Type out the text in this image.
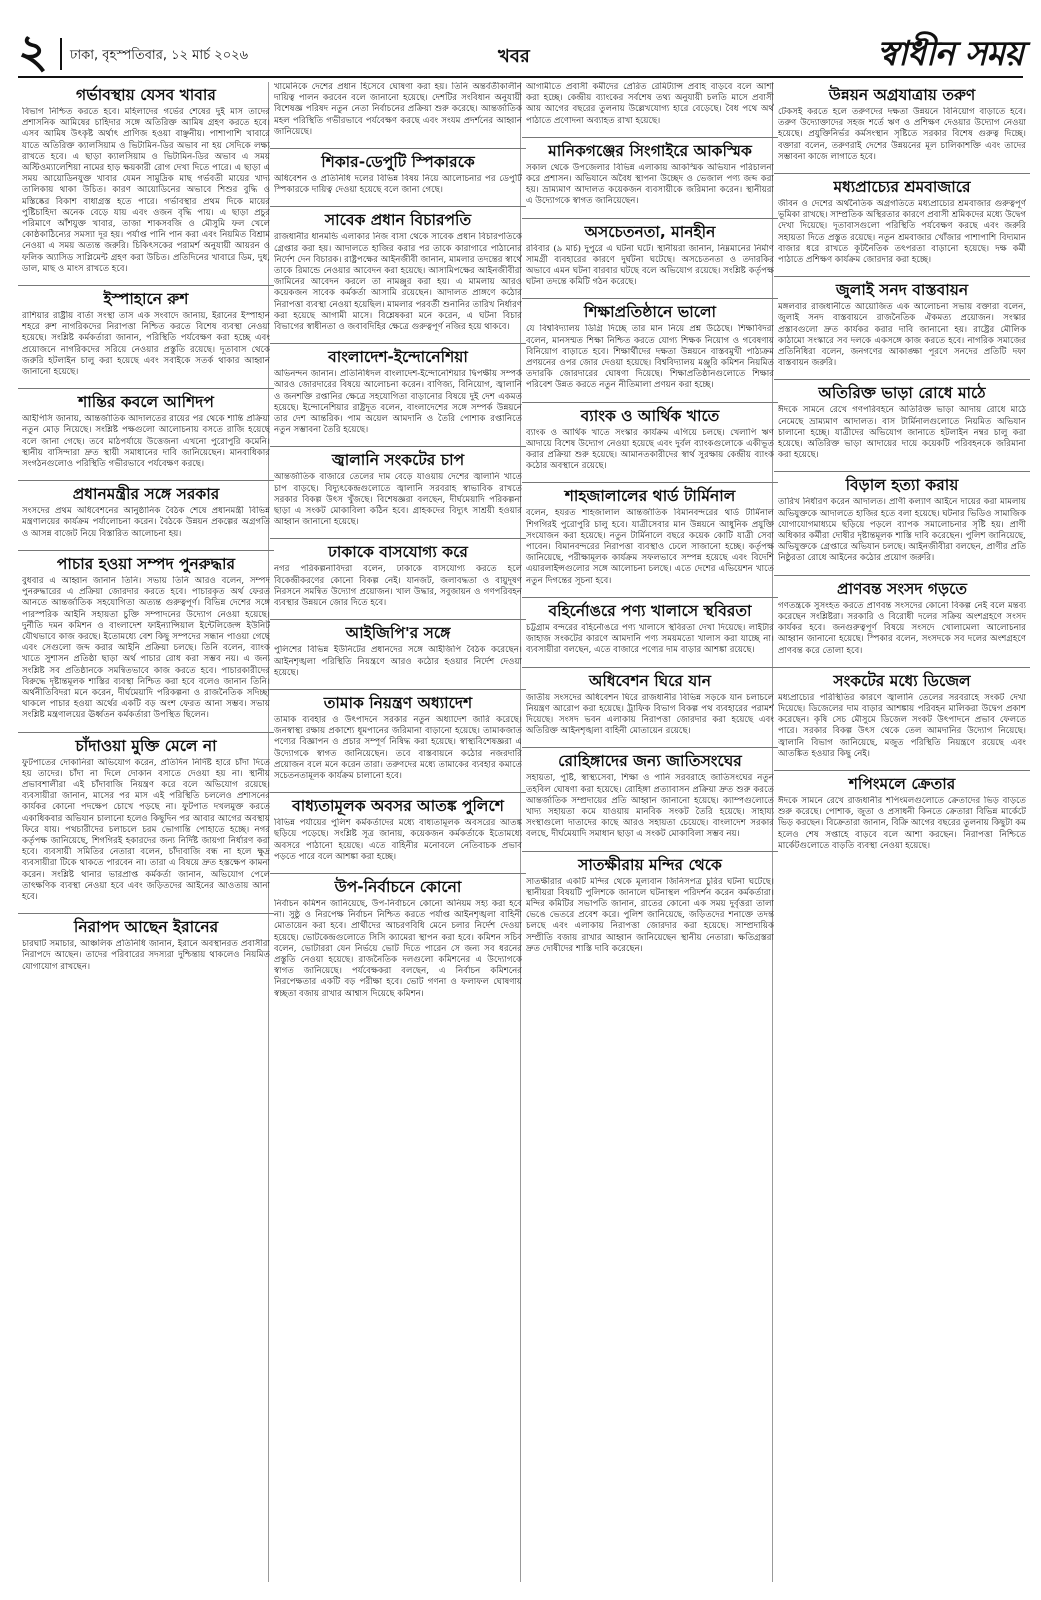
২ ঢাকা, বৃহস্পতিবার, ১২ মার্চ ২০২৬	খবর	স্বাধীন সময়
গর্ভাবস্থায় যেসব খাবার
বিভাগ নিশ্চিত করতে হবে। মহিলাদের গর্ভের শেষের দুই মাস তাদের প্রশাসনিক আমিষের চাহিদার সঙ্গে অতিরিক্ত আমিষ গ্রহণ করতে হবে। এসব আমিষ উৎকৃষ্ট অর্থাৎ প্রাণিজ হওয়া বাঞ্ছনীয়। পাশাপাশি খাবারে যাতে অতিরিক্ত ক্যালসিয়াম ও ভিটামিন-ডির অভাব না হয় সেদিকে লক্ষ্য রাখতে হবে। এ ছাড়া ক্যালসিয়াম ও ভিটামিন-ডির অভাব এ সময় অস্টিওম্যালেশিয়া নামের হাড় ক্ষয়কারী রোগ দেখা দিতে পারে। এ ছাড়া এ সময় আয়োডিনযুক্ত খাবার যেমন সামুদ্রিক মাছ গর্ভবতী মায়ের খাদ্য তালিকায় থাকা উচিত। কারণ আয়োডিনের অভাবে শিশুর বুদ্ধি ও মস্তিষ্কের বিকাশ বাধাগ্রস্ত হতে পারে। গর্ভাবস্থার প্রথম দিকে মায়ের পুষ্টিচাহিদা অনেক বেড়ে যায় এবং ওজন বৃদ্ধি পায়। এ ছাড়া প্রচুর পরিমাণে আঁশযুক্ত খাবার, তাজা শাকসবজি ও মৌসুমি ফল খেলে কোষ্ঠকাঠিন্যের সমস্যা দূর হয়। পর্যাপ্ত পানি পান করা এবং নিয়মিত বিশ্রাম নেওয়া এ সময় অত্যন্ত জরুরি। চিকিৎসকের পরামর্শ অনুযায়ী আয়রন ও ফলিক অ্যাসিড সাপ্লিমেন্ট গ্রহণ করা উচিত। প্রতিদিনের খাবারে ডিম, দুধ, ডাল, মাছ ও মাংস রাখতে হবে।
ইস্পাহানে রুশ
রাশিয়ার রাষ্ট্রীয় বার্তা সংস্থা তাস এক সংবাদে জানায়, ইরানের ইস্পাহান শহরে রুশ নাগরিকদের নিরাপত্তা নিশ্চিত করতে বিশেষ ব্যবস্থা নেওয়া হয়েছে। সংশ্লিষ্ট কর্মকর্তারা জানান, পরিস্থিতি পর্যবেক্ষণ করা হচ্ছে এবং প্রয়োজনে নাগরিকদের সরিয়ে নেওয়ার প্রস্তুতি রয়েছে। দূতাবাস থেকে জরুরি হটলাইন চালু করা হয়েছে এবং সবাইকে সতর্ক থাকার আহ্বান জানানো হয়েছে।
শান্তির কবলে আশিদপ
আইপিসি জানায়, আন্তর্জাতিক আদালতের রায়ের পর থেকে শান্তি প্রক্রিয়া নতুন মোড় নিয়েছে। সংশ্লিষ্ট পক্ষগুলো আলোচনায় বসতে রাজি হয়েছে বলে জানা গেছে। তবে মাঠপর্যায়ে উত্তেজনা এখনো পুরোপুরি কমেনি। স্থানীয় বাসিন্দারা দ্রুত স্থায়ী সমাধানের দাবি জানিয়েছেন। মানবাধিকার সংগঠনগুলোও পরিস্থিতি গভীরভাবে পর্যবেক্ষণ করছে।
প্রধানমন্ত্রীর সঙ্গে সরকার
সংসদের প্রথম অধিবেশনের আনুষ্ঠানিক বৈঠক শেষে প্রধানমন্ত্রী বিভিন্ন মন্ত্রণালয়ের কার্যক্রম পর্যালোচনা করেন। বৈঠকে উন্নয়ন প্রকল্পের অগ্রগতি ও আসন্ন বাজেট নিয়ে বিস্তারিত আলোচনা হয়।
পাচার হওয়া সম্পদ পুনরুদ্ধার
বুধবার এ আহ্বান জানান তিনি। সভায় তিনি আরও বলেন, সম্পদ পুনরুদ্ধারের এ প্রক্রিয়া জোরদার করতে হবে। পাচারকৃত অর্থ ফেরত আনতে আন্তর্জাতিক সহযোগিতা অত্যন্ত গুরুত্বপূর্ণ। বিভিন্ন দেশের সঙ্গে পারস্পরিক আইনি সহায়তা চুক্তি সম্পাদনের উদ্যোগ নেওয়া হয়েছে। দুর্নীতি দমন কমিশন ও বাংলাদেশ ফাইন্যান্সিয়াল ইন্টেলিজেন্স ইউনিট যৌথভাবে কাজ করছে। ইতোমধ্যে বেশ কিছু সম্পদের সন্ধান পাওয়া গেছে এবং সেগুলো জব্দ করার আইনি প্রক্রিয়া চলছে। তিনি বলেন, ব্যাংক খাতে সুশাসন প্রতিষ্ঠা ছাড়া অর্থ পাচার রোধ করা সম্ভব নয়। এ জন্য সংশ্লিষ্ট সব প্রতিষ্ঠানকে সমন্বিতভাবে কাজ করতে হবে। পাচারকারীদের বিরুদ্ধে দৃষ্টান্তমূলক শাস্তির ব্যবস্থা নিশ্চিত করা হবে বলেও জানান তিনি। অর্থনীতিবিদরা মনে করেন, দীর্ঘমেয়াদি পরিকল্পনা ও রাজনৈতিক সদিচ্ছা থাকলে পাচার হওয়া অর্থের একটি বড় অংশ ফেরত আনা সম্ভব। সভায় সংশ্লিষ্ট মন্ত্রণালয়ের ঊর্ধ্বতন কর্মকর্তারা উপস্থিত ছিলেন।
চাঁদাওয়া মুক্তি মেলে না
ফুটপাতের দোকানিরা অভিযোগ করেন, প্রতিদিন নির্দিষ্ট হারে চাঁদা দিতে হয় তাদের। চাঁদা না দিলে দোকান বসাতে দেওয়া হয় না। স্থানীয় প্রভাবশালীরা এই চাঁদাবাজি নিয়ন্ত্রণ করে বলে অভিযোগ রয়েছে। ব্যবসায়ীরা জানান, মাসের পর মাস এই পরিস্থিতি চললেও প্রশাসনের কার্যকর কোনো পদক্ষেপ চোখে পড়ছে না। ফুটপাত দখলমুক্ত করতে একাধিকবার অভিযান চালানো হলেও কিছুদিন পর আবার আগের অবস্থায় ফিরে যায়। পথচারীদের চলাচলে চরম ভোগান্তি পোহাতে হচ্ছে। নগর কর্তৃপক্ষ জানিয়েছে, শিগগিরই হকারদের জন্য নির্দিষ্ট জায়গা নির্ধারণ করা হবে। ব্যবসায়ী সমিতির নেতারা বলেন, চাঁদাবাজি বন্ধ না হলে ক্ষুদ্র ব্যবসায়ীরা টিকে থাকতে পারবেন না। তারা এ বিষয়ে দ্রুত হস্তক্ষেপ কামনা করেন। সংশ্লিষ্ট থানার ভারপ্রাপ্ত কর্মকর্তা জানান, অভিযোগ পেলে তাৎক্ষণিক ব্যবস্থা নেওয়া হবে এবং জড়িতদের আইনের আওতায় আনা হবে।
নিরাপদ আছেন ইরানের
চারঘাট সমাচার, আঞ্চলিক প্রতিনিধি জানান, ইরানে অবস্থানরত প্রবাসীরা নিরাপদে আছেন। তাদের পরিবারের সদস্যরা দুশ্চিন্তায় থাকলেও নিয়মিত যোগাযোগ রাখছেন।
খামেনিকে দেশের প্রধান হিসেবে ঘোষণা করা হয়। তিনি অন্তর্বর্তীকালীন দায়িত্ব পালন করবেন বলে জানানো হয়েছে। দেশটির সংবিধান অনুযায়ী বিশেষজ্ঞ পরিষদ নতুন নেতা নির্বাচনের প্রক্রিয়া শুরু করেছে। আন্তর্জাতিক মহল পরিস্থিতি গভীরভাবে পর্যবেক্ষণ করছে এবং সংযম প্রদর্শনের আহ্বান জানিয়েছে।
শিকার-ডেপুটি স্পিকারকে
অধিবেশন ও প্রতিনিধি দলের বিভিন্ন বিষয় নিয়ে আলোচনার পর ডেপুটি স্পিকারকে দায়িত্ব দেওয়া হয়েছে বলে জানা গেছে।
সাবেক প্রধান বিচারপতি
রাজধানীর ধানমন্ডি এলাকার নিজ বাসা থেকে সাবেক প্রধান বিচারপতিকে গ্রেপ্তার করা হয়। আদালতে হাজির করার পর তাকে কারাগারে পাঠানোর নির্দেশ দেন বিচারক। রাষ্ট্রপক্ষের আইনজীবী জানান, মামলার তদন্তের স্বার্থে তাকে রিমান্ডে নেওয়ার আবেদন করা হয়েছে। আসামিপক্ষের আইনজীবীরা জামিনের আবেদন করলে তা নামঞ্জুর করা হয়। এ মামলায় আরও কয়েকজন সাবেক কর্মকর্তা আসামি রয়েছেন। আদালত প্রাঙ্গণে কঠোর নিরাপত্তা ব্যবস্থা নেওয়া হয়েছিল। মামলার পরবর্তী শুনানির তারিখ নির্ধারণ করা হয়েছে আগামী মাসে। বিশ্লেষকরা মনে করেন, এ ঘটনা বিচার বিভাগের স্বাধীনতা ও জবাবদিহির ক্ষেত্রে গুরুত্বপূর্ণ নজির হয়ে থাকবে।
বাংলাদেশ-ইন্দোনেশিয়া
অভিনন্দন জানান। প্রতিনিধিদল বাংলাদেশ-ইন্দোনেশিয়ার দ্বিপক্ষীয় সম্পর্ক আরও জোরদারের বিষয়ে আলোচনা করেন। বাণিজ্য, বিনিয়োগ, জ্বালানি ও জনশক্তি রপ্তানির ক্ষেত্রে সহযোগিতা বাড়ানোর বিষয়ে দুই দেশ একমত হয়েছে। ইন্দোনেশিয়ার রাষ্ট্রদূত বলেন, বাংলাদেশের সঙ্গে সম্পর্ক উন্নয়নে তার দেশ আন্তরিক। পাম অয়েল আমদানি ও তৈরি পোশাক রপ্তানিতে নতুন সম্ভাবনা তৈরি হয়েছে।
জ্বালানি সংকটের চাপ
আন্তর্জাতিক বাজারে তেলের দাম বেড়ে যাওয়ায় দেশের জ্বালানি খাতে চাপ বাড়ছে। বিদ্যুৎকেন্দ্রগুলোতে জ্বালানি সরবরাহ স্বাভাবিক রাখতে সরকার বিকল্প উৎস খুঁজছে। বিশেষজ্ঞরা বলছেন, দীর্ঘমেয়াদি পরিকল্পনা ছাড়া এ সংকট মোকাবিলা কঠিন হবে। গ্রাহকদের বিদ্যুৎ সাশ্রয়ী হওয়ার আহ্বান জানানো হয়েছে।
ঢাকাকে বাসযোগ্য করে
নগর পরিকল্পনাবিদরা বলেন, ঢাকাকে বাসযোগ্য করতে হলে বিকেন্দ্রীকরণের কোনো বিকল্প নেই। যানজট, জলাবদ্ধতা ও বায়ুদূষণ নিরসনে সমন্বিত উদ্যোগ প্রয়োজন। খাল উদ্ধার, সবুজায়ন ও গণপরিবহন ব্যবস্থার উন্নয়নে জোর দিতে হবে।
আইজিপি'র সঙ্গে
পুলিশের বিভিন্ন ইউনিটের প্রধানদের সঙ্গে আইজিপি বৈঠক করেছেন। আইনশৃঙ্খলা পরিস্থিতি নিয়ন্ত্রণে আরও কঠোর হওয়ার নির্দেশ দেওয়া হয়েছে।
তামাক নিয়ন্ত্রণ অধ্যাদেশ
তামাক ব্যবহার ও উৎপাদনে সরকার নতুন অধ্যাদেশ জারি করেছে। জনস্বাস্থ্য রক্ষায় প্রকাশ্যে ধূমপানের জরিমানা বাড়ানো হয়েছে। তামাকজাত পণ্যের বিজ্ঞাপন ও প্রচার সম্পূর্ণ নিষিদ্ধ করা হয়েছে। স্বাস্থ্যবিশেষজ্ঞরা এ উদ্যোগকে স্বাগত জানিয়েছেন। তবে বাস্তবায়নে কঠোর নজরদারি প্রয়োজন বলে মনে করেন তারা। তরুণদের মধ্যে তামাকের ব্যবহার কমাতে সচেতনতামূলক কার্যক্রম চালানো হবে।
বাধ্যতামূলক অবসর আতঙ্ক পুলিশে
বিভিন্ন পর্যায়ের পুলিশ কর্মকর্তাদের মধ্যে বাধ্যতামূলক অবসরের আতঙ্ক ছড়িয়ে পড়েছে। সংশ্লিষ্ট সূত্র জানায়, কয়েকজন কর্মকর্তাকে ইতোমধ্যে অবসরে পাঠানো হয়েছে। এতে বাহিনীর মনোবলে নেতিবাচক প্রভাব পড়তে পারে বলে আশঙ্কা করা হচ্ছে।
উপ-নির্বাচনে কোনো
নির্বাচন কমিশন জানিয়েছে, উপ-নির্বাচনে কোনো অনিয়ম সহ্য করা হবে না। সুষ্ঠু ও নিরপেক্ষ নির্বাচন নিশ্চিত করতে পর্যাপ্ত আইনশৃঙ্খলা বাহিনী মোতায়েন করা হবে। প্রার্থীদের আচরণবিধি মেনে চলার নির্দেশ দেওয়া হয়েছে। ভোটকেন্দ্রগুলোতে সিসি ক্যামেরা স্থাপন করা হবে। কমিশন সচিব বলেন, ভোটাররা যেন নির্ভয়ে ভোট দিতে পারেন সে জন্য সব ধরনের প্রস্তুতি নেওয়া হয়েছে। রাজনৈতিক দলগুলো কমিশনের এ উদ্যোগকে স্বাগত জানিয়েছে। পর্যবেক্ষকরা বলছেন, এ নির্বাচন কমিশনের নিরপেক্ষতার একটি বড় পরীক্ষা হবে। ভোট গণনা ও ফলাফল ঘোষণায় স্বচ্ছতা বজায় রাখার আশ্বাস দিয়েছে কমিশন।
আগামীতে প্রবাসী কর্মীদের প্রেরিত রেমিট্যান্স প্রবাহ বাড়বে বলে আশা করা হচ্ছে। কেন্দ্রীয় ব্যাংকের সর্বশেষ তথ্য অনুযায়ী চলতি মাসে প্রবাসী আয় আগের বছরের তুলনায় উল্লেখযোগ্য হারে বেড়েছে। বৈধ পথে অর্থ পাঠাতে প্রণোদনা অব্যাহত রাখা হয়েছে।
মানিকগঞ্জের সিংগাইরে আকস্মিক
সকাল থেকে উপজেলার বিভিন্ন এলাকায় আকস্মিক অভিযান পরিচালনা করে প্রশাসন। অভিযানে অবৈধ স্থাপনা উচ্ছেদ ও ভেজাল পণ্য জব্দ করা হয়। ভ্রাম্যমাণ আদালত কয়েকজন ব্যবসায়ীকে জরিমানা করেন। স্থানীয়রা এ উদ্যোগকে স্বাগত জানিয়েছেন।
অসচেতনতা, মানহীন
রবিবার (৯ মার্চ) দুপুরে এ ঘটনা ঘটে। স্থানীয়রা জানান, নিম্নমানের নির্মাণ সামগ্রী ব্যবহারের কারণে দুর্ঘটনা ঘটেছে। অসচেতনতা ও তদারকির অভাবে এমন ঘটনা বারবার ঘটছে বলে অভিযোগ রয়েছে। সংশ্লিষ্ট কর্তৃপক্ষ ঘটনা তদন্তে কমিটি গঠন করেছে।
শিক্ষাপ্রতিষ্ঠানে ভালো
যে বিশ্ববিদ্যালয় ডিগ্রি দিচ্ছে তার মান নিয়ে প্রশ্ন উঠেছে। শিক্ষাবিদরা বলেন, মানসম্মত শিক্ষা নিশ্চিত করতে যোগ্য শিক্ষক নিয়োগ ও গবেষণায় বিনিয়োগ বাড়াতে হবে। শিক্ষার্থীদের দক্ষতা উন্নয়নে বাস্তবমুখী পাঠ্যক্রম প্রণয়নের ওপর জোর দেওয়া হয়েছে। বিশ্ববিদ্যালয় মঞ্জুরি কমিশন নিয়মিত তদারকি জোরদারের ঘোষণা দিয়েছে। শিক্ষাপ্রতিষ্ঠানগুলোতে শিক্ষার পরিবেশ উন্নত করতে নতুন নীতিমালা প্রণয়ন করা হচ্ছে।
ব্যাংক ও আর্থিক খাতে
ব্যাংক ও আর্থিক খাতে সংস্কার কার্যক্রম এগিয়ে চলছে। খেলাপি ঋণ আদায়ে বিশেষ উদ্যোগ নেওয়া হয়েছে এবং দুর্বল ব্যাংকগুলোকে একীভূত করার প্রক্রিয়া শুরু হয়েছে। আমানতকারীদের স্বার্থ সুরক্ষায় কেন্দ্রীয় ব্যাংক কঠোর অবস্থানে রয়েছে।
শাহজালালের থার্ড টার্মিনাল
বলেন, হযরত শাহজালাল আন্তর্জাতিক বিমানবন্দরের থার্ড টার্মিনাল শিগগিরই পুরোপুরি চালু হবে। যাত্রীসেবার মান উন্নয়নে আধুনিক প্রযুক্তি সংযোজন করা হয়েছে। নতুন টার্মিনালে বছরে কয়েক কোটি যাত্রী সেবা পাবেন। বিমানবন্দরের নিরাপত্তা ব্যবস্থাও ঢেলে সাজানো হচ্ছে। কর্তৃপক্ষ জানিয়েছে, পরীক্ষামূলক কার্যক্রম সফলভাবে সম্পন্ন হয়েছে এবং বিদেশি এয়ারলাইন্সগুলোর সঙ্গে আলোচনা চলছে। এতে দেশের এভিয়েশন খাতে নতুন দিগন্তের সূচনা হবে।
বহির্নোঙরে পণ্য খালাসে স্থবিরতা
চট্টগ্রাম বন্দরের বহির্নোঙরে পণ্য খালাসে স্থবিরতা দেখা দিয়েছে। লাইটার জাহাজ সংকটের কারণে আমদানি পণ্য সময়মতো খালাস করা যাচ্ছে না। ব্যবসায়ীরা বলছেন, এতে বাজারে পণ্যের দাম বাড়ার আশঙ্কা রয়েছে।
অধিবেশন ঘিরে যান
জাতীয় সংসদের অধিবেশন ঘিরে রাজধানীর বিভিন্ন সড়কে যান চলাচলে নিয়ন্ত্রণ আরোপ করা হয়েছে। ট্রাফিক বিভাগ বিকল্প পথ ব্যবহারের পরামর্শ দিয়েছে। সংসদ ভবন এলাকায় নিরাপত্তা জোরদার করা হয়েছে এবং অতিরিক্ত আইনশৃঙ্খলা বাহিনী মোতায়েন রয়েছে।
রোহিঙ্গাদের জন্য জাতিসংঘের
সহায়তা, পুষ্টি, স্বাস্থ্যসেবা, শিক্ষা ও পানি সরবরাহে জাতিসংঘের নতুন তহবিল ঘোষণা করা হয়েছে। রোহিঙ্গা প্রত্যাবাসন প্রক্রিয়া দ্রুত শুরু করতে আন্তর্জাতিক সম্প্রদায়ের প্রতি আহ্বান জানানো হয়েছে। ক্যাম্পগুলোতে খাদ্য সহায়তা কমে যাওয়ায় মানবিক সংকট তৈরি হয়েছে। সাহায্য সংস্থাগুলো দাতাদের কাছে আরও সহায়তা চেয়েছে। বাংলাদেশ সরকার বলছে, দীর্ঘমেয়াদি সমাধান ছাড়া এ সংকট মোকাবিলা সম্ভব নয়।
সাতক্ষীরায় মন্দির থেকে
সাতক্ষীরার একটি মন্দির থেকে মূল্যবান জিনিসপত্র চুরির ঘটনা ঘটেছে। স্থানীয়রা বিষয়টি পুলিশকে জানালে ঘটনাস্থল পরিদর্শন করেন কর্মকর্তারা। মন্দির কমিটির সভাপতি জানান, রাতের কোনো এক সময় দুর্বৃত্তরা তালা ভেঙে ভেতরে প্রবেশ করে। পুলিশ জানিয়েছে, জড়িতদের শনাক্তে তদন্ত চলছে এবং এলাকায় নিরাপত্তা জোরদার করা হয়েছে। সাম্প্রদায়িক সম্প্রীতি বজায় রাখার আহ্বান জানিয়েছেন স্থানীয় নেতারা। ক্ষতিগ্রস্তরা দ্রুত দোষীদের শাস্তি দাবি করেছেন।
উন্নয়ন অগ্রযাত্রায় তরুণ
টেকসই করতে হলে তরুণদের দক্ষতা উন্নয়নে বিনিয়োগ বাড়াতে হবে। তরুণ উদ্যোক্তাদের সহজ শর্তে ঋণ ও প্রশিক্ষণ দেওয়ার উদ্যোগ নেওয়া হয়েছে। প্রযুক্তিনির্ভর কর্মসংস্থান সৃষ্টিতে সরকার বিশেষ গুরুত্ব দিচ্ছে। বক্তারা বলেন, তরুণরাই দেশের উন্নয়নের মূল চালিকাশক্তি এবং তাদের সম্ভাবনা কাজে লাগাতে হবে।
মধ্যপ্রাচ্যের শ্রমবাজারে
জীবন ও দেশের অর্থনৈতিক অগ্রগতিতে মধ্যপ্রাচ্যের শ্রমবাজার গুরুত্বপূর্ণ ভূমিকা রাখছে। সাম্প্রতিক অস্থিরতার কারণে প্রবাসী শ্রমিকদের মধ্যে উদ্বেগ দেখা দিয়েছে। দূতাবাসগুলো পরিস্থিতি পর্যবেক্ষণ করছে এবং জরুরি সহায়তা দিতে প্রস্তুত রয়েছে। নতুন শ্রমবাজার খোঁজার পাশাপাশি বিদ্যমান বাজার ধরে রাখতে কূটনৈতিক তৎপরতা বাড়ানো হয়েছে। দক্ষ কর্মী পাঠাতে প্রশিক্ষণ কার্যক্রম জোরদার করা হচ্ছে।
জুলাই সনদ বাস্তবায়ন
মঙ্গলবার রাজধানীতে আয়োজিত এক আলোচনা সভায় বক্তারা বলেন, জুলাই সনদ বাস্তবায়নে রাজনৈতিক ঐকমত্য প্রয়োজন। সংস্কার প্রস্তাবগুলো দ্রুত কার্যকর করার দাবি জানানো হয়। রাষ্ট্রের মৌলিক কাঠামো সংস্কারে সব দলকে একসঙ্গে কাজ করতে হবে। নাগরিক সমাজের প্রতিনিধিরা বলেন, জনগণের আকাঙ্ক্ষা পূরণে সনদের প্রতিটি দফা বাস্তবায়ন জরুরি।
অতিরিক্ত ভাড়া রোধে মাঠে
ঈদকে সামনে রেখে গণপরিবহনে অতিরিক্ত ভাড়া আদায় রোধে মাঠে নেমেছে ভ্রাম্যমাণ আদালত। বাস টার্মিনালগুলোতে নিয়মিত অভিযান চালানো হচ্ছে। যাত্রীদের অভিযোগ জানাতে হটলাইন নম্বর চালু করা হয়েছে। অতিরিক্ত ভাড়া আদায়ের দায়ে কয়েকটি পরিবহনকে জরিমানা করা হয়েছে।
বিড়াল হত্যা করায়
তারিখ নির্ধারণ করেন আদালত। প্রাণী কল্যাণ আইনে দায়ের করা মামলায় অভিযুক্তকে আদালতে হাজির হতে বলা হয়েছে। ঘটনার ভিডিও সামাজিক যোগাযোগমাধ্যমে ছড়িয়ে পড়লে ব্যাপক সমালোচনার সৃষ্টি হয়। প্রাণী অধিকার কর্মীরা দোষীর দৃষ্টান্তমূলক শাস্তি দাবি করেছেন। পুলিশ জানিয়েছে, অভিযুক্তকে গ্রেপ্তারে অভিযান চলছে। আইনজীবীরা বলছেন, প্রাণীর প্রতি নিষ্ঠুরতা রোধে আইনের কঠোর প্রয়োগ জরুরি।
প্রাণবন্ত সংসদ গড়তে
গণতন্ত্রকে সুসংহত করতে প্রাণবন্ত সংসদের কোনো বিকল্প নেই বলে মন্তব্য করেছেন সংশ্লিষ্টরা। সরকারি ও বিরোধী দলের সক্রিয় অংশগ্রহণে সংসদ কার্যকর হবে। জনগুরুত্বপূর্ণ বিষয়ে সংসদে খোলামেলা আলোচনার আহ্বান জানানো হয়েছে। স্পিকার বলেন, সংসদকে সব দলের অংশগ্রহণে প্রাণবন্ত করে তোলা হবে।
সংকটের মধ্যে ডিজেল
মধ্যপ্রাচ্যের পরিস্থিতির কারণে জ্বালানি তেলের সরবরাহে সংকট দেখা দিয়েছে। ডিজেলের দাম বাড়ার আশঙ্কায় পরিবহন মালিকরা উদ্বেগ প্রকাশ করেছেন। কৃষি সেচ মৌসুমে ডিজেল সংকট উৎপাদনে প্রভাব ফেলতে পারে। সরকার বিকল্প উৎস থেকে তেল আমদানির উদ্যোগ নিয়েছে। জ্বালানি বিভাগ জানিয়েছে, মজুত পরিস্থিতি নিয়ন্ত্রণে রয়েছে এবং আতঙ্কিত হওয়ার কিছু নেই।
শপিংমলে ক্রেতার
ঈদকে সামনে রেখে রাজধানীর শপিংমলগুলোতে ক্রেতাদের ভিড় বাড়তে শুরু করেছে। পোশাক, জুতা ও প্রসাধনী কিনতে ক্রেতারা বিভিন্ন মার্কেটে ভিড় করছেন। বিক্রেতারা জানান, বিক্রি আগের বছরের তুলনায় কিছুটা কম হলেও শেষ সপ্তাহে বাড়বে বলে আশা করছেন। নিরাপত্তা নিশ্চিতে মার্কেটগুলোতে বাড়তি ব্যবস্থা নেওয়া হয়েছে।
